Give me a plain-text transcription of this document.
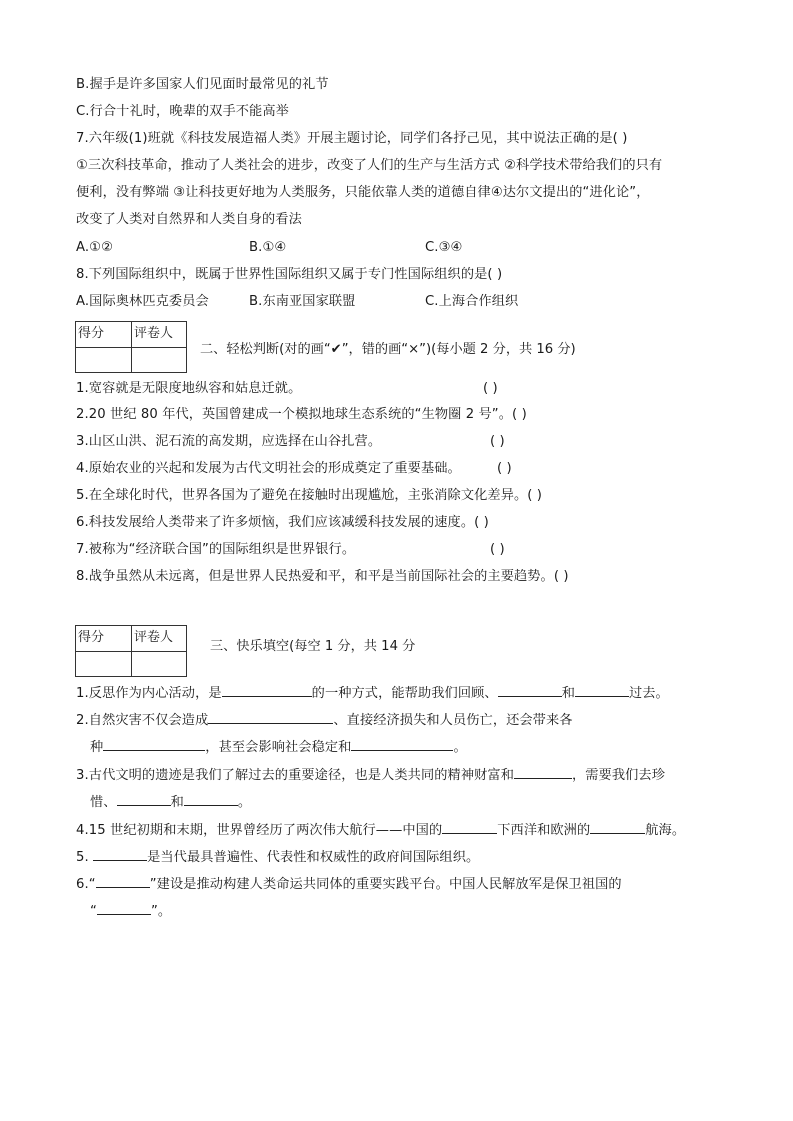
B.握手是许多国家人们见面时最常见的礼节
C.行合十礼时，晚辈的双手不能高举
7.六年级(1)班就《科技发展造福人类》开展主题讨论，同学们各抒己见，其中说法正确的是( )
①三次科技革命，推动了人类社会的进步，改变了人们的生产与生活方式 ②科学技术带给我们的只有
便利，没有弊端 ③让科技更好地为人类服务，只能依靠人类的道德自律④达尔文提出的“进化论”，
改变了人类对自然界和人类自身的看法
A.①②	B.①④	C.③④
8.下列国际组织中，既属于世界性国际组织又属于专门性国际组织的是( )
A.国际奥林匹克委员会	B.东南亚国家联盟	C.上海合作组织
得分 评卷人
二、轻松判断(对的画“✔”，错的画“×”)(每小题 2 分，共 16 分)
1.宽容就是无限度地纵容和姑息迁就。	( )
2.20 世纪 80 年代，英国曾建成一个模拟地球生态系统的“生物圈 2 号”。( )
3.山区山洪、泥石流的高发期，应选择在山谷扎营。	( )
4.原始农业的兴起和发展为古代文明社会的形成奠定了重要基础。	( )
5.在全球化时代，世界各国为了避免在接触时出现尴尬，主张消除文化差异。( )
6.科技发展给人类带来了许多烦恼，我们应该减缓科技发展的速度。( )
7.被称为“经济联合国”的国际组织是世界银行。	( )
8.战争虽然从未远离，但是世界人民热爱和平，和平是当前国际社会的主要趋势。( )
得分 评卷人
三、快乐填空(每空 1 分，共 14 分
1.反思作为内心活动，是	的一种方式，能帮助我们回顾、	和	过去。
2.自然灾害不仅会造成	、直接经济损失和人员伤亡，还会带来各
种	，甚至会影响社会稳定和	。
3.古代文明的遗迹是我们了解过去的重要途径，也是人类共同的精神财富和	，需要我们去珍
惜、	和	。
4.15 世纪初期和末期，世界曾经历了两次伟大航行——中国的	下西洋和欧洲的	航海。
5.	是当代最具普遍性、代表性和权威性的政府间国际组织。
6.“	”建设是推动构建人类命运共同体的重要实践平台。中国人民解放军是保卫祖国的
“	”。
